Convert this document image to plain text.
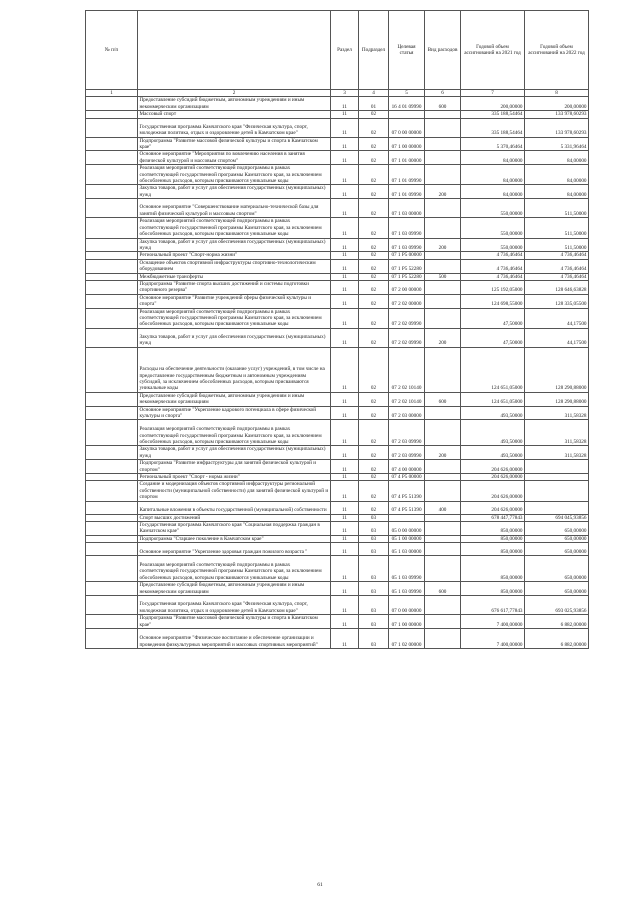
№ п/п		Раздел	Подраздел	Целевая статья	Вид расходов	Годовой объем ассигнований на 2021 год	Годовой объем ассигнований на 2022 год
1	2	3	4	5	6	7	8
	Предоставление субсидий бюджетным, автономным учреждениям и иным некоммерческим организациям	11	01	16 4 01 09990	600	200,00000	200,00000
	Массовый спорт	11	02			335 188,54464	133 978,60293
	Государственная программа Камчатского края "Физическая культура, спорт, молодежная политика, отдых и оздоровление детей в Камчатском крае"	11	02	07 0 00 00000		335 188,54464	133 978,60293
	Подпрограмма "Развитие массовой физической культуры и спорта в Камчатском крае"	11	02	07 1 00 00000		5 370,46464	5 331,96464
	Основное мероприятие "Мероприятия по вовлечению населения в занятия физической культурой и массовым спортом"	11	02	07 1 01 00000		84,00000	84,00000
	Реализация мероприятий соответствующей подпрограммы в рамках соответствующей государственной программы Камчатского края, за исключением обособленных расходов, которым присваиваются уникальные коды	11	02	07 1 01 09990		84,00000	84,00000
	Закупка товаров, работ и услуг для обеспечения государственных (муниципальных) нужд	11	02	07 1 01 09990	200	84,00000	84,00000
	Основное мероприятие "Совершенствование материально-технической базы для занятий физической культурой и массовым спортом"	11	02	07 1 03 00000		550,00000	511,50000
	Реализация мероприятий соответствующей подпрограммы в рамках соответствующей государственной программы Камчатского края, за исключением обособленных расходов, которым присваиваются уникальные коды	11	02	07 1 03 09990		550,00000	511,50000
	Закупка товаров, работ и услуг для обеспечения государственных (муниципальных) нужд	11	02	07 1 03 09990	200	550,00000	511,50000
	Региональный проект "Спорт-норма жизни"	11	02	07 1 P5 00000		4 736,46464	4 736,46464
	Оснащение объектов спортивной инфраструктуры спортивно-технологическим оборудованием	11	02	07 1 P5 52280		4 736,46464	4 736,46464
	Межбюджетные трансферты	11	02	07 1 P5 52280	500	4 736,46464	4 736,46464
	Подпрограмма "Развитие спорта высших достижений и системы подготовки спортивного резерва"	11	02	07 2 00 00000		125 192,05000	128 646,63828
	Основное мероприятие "Развитие учреждений сферы физической культуры и спорта"	11	02	07 2 02 00000		124 698,55000	128 335,05500
	Реализация мероприятий соответствующей подпрограммы в рамках соответствующей государственной программы Камчатского края, за исключением обособленных расходов, которым присваиваются уникальные коды	11	02	07 2 02 09990		47,50000	44,17500
	Закупка товаров, работ и услуг для обеспечения государственных (муниципальных) нужд	11	02	07 2 02 09990	200	47,50000	44,17500
	Расходы на обеспечение деятельности (оказание услуг) учреждений, в том числе на предоставление государственным бюджетным и автономным учреждениям субсидий, за исключением обособленных расходов, которым присваиваются уникальные коды	11	02	07 2 02 10140		124 651,05000	128 290,88000
	Предоставление субсидий бюджетным, автономным учреждениям и иным некоммерческим организациям	11	02	07 2 02 10140	600	124 651,05000	128 290,88000
	Основное мероприятие "Укрепление кадрового потенциала в сфере физической культуры и спорта"	11	02	07 2 03 00000		493,50000	311,58328
	Реализация мероприятий соответствующей подпрограммы в рамках соответствующей государственной программы Камчатского края, за исключением обособленных расходов, которым присваиваются уникальные коды	11	02	07 2 03 09990		493,50000	311,58328
	Закупка товаров, работ и услуг для обеспечения государственных (муниципальных) нужд	11	02	07 2 03 09990	200	493,50000	311,58328
	Подпрограмма "Развитие инфраструктуры для занятий физической культурой и спортом"	11	02	07 4 00 00000		204 626,00000	
	Региональный проект "Спорт - норма жизни"	11	02	07 4 P5 00000		204 626,00000	
	Создание и модернизация объектов спортивной инфраструктуры региональной собственности (муниципальной собственности) для занятий физической культурой и спортом	11	02	07 4 P5 51390		204 626,00000	
	Капитальные вложения в объекты государственной (муниципальной) собственности	11	02	07 4 P5 51390	400	204 626,00000	
	Спорт высших достижений	11	03			678 447,77843	694 045,93856
	Государственная программа Камчатского края "Социальная поддержка граждан в Камчатском крае"	11	03	05 0 00 00000		850,00000	650,00000
	Подпрограмма "Старшее поколение в Камчатском крае"	11	03	05 1 00 00000		850,00000	650,00000
	Основное мероприятие "Укрепление здоровья граждан пожилого возраста "	11	03	05 1 03 00000		850,00000	650,00000
	Реализация мероприятий соответствующей подпрограммы в рамках соответствующей государственной программы Камчатского края, за исключением обособленных расходов, которым присваиваются уникальные коды	11	03	05 1 03 09990		850,00000	650,00000
	Предоставление субсидий бюджетным, автономным учреждениям и иным некоммерческим организациям	11	03	05 1 03 09990	600	850,00000	650,00000
	Государственная программа Камчатского края "Физическая культура, спорт, молодежная политика, отдых и оздоровление детей в Камчатском крае"	11	03	07 0 00 00000		676 617,77843	693 025,93856
	Подпрограмма "Развитие массовой физической культуры и спорта в Камчатском крае"	11	03	07 1 00 00000		7 400,00000	6 882,00000
	Основное мероприятие "Физическое воспитание и обеспечение организации и проведения физкультурных мероприятий и массовых спортивных мероприятий"	11	03	07 1 02 00000		7 400,00000	6 882,00000
61
